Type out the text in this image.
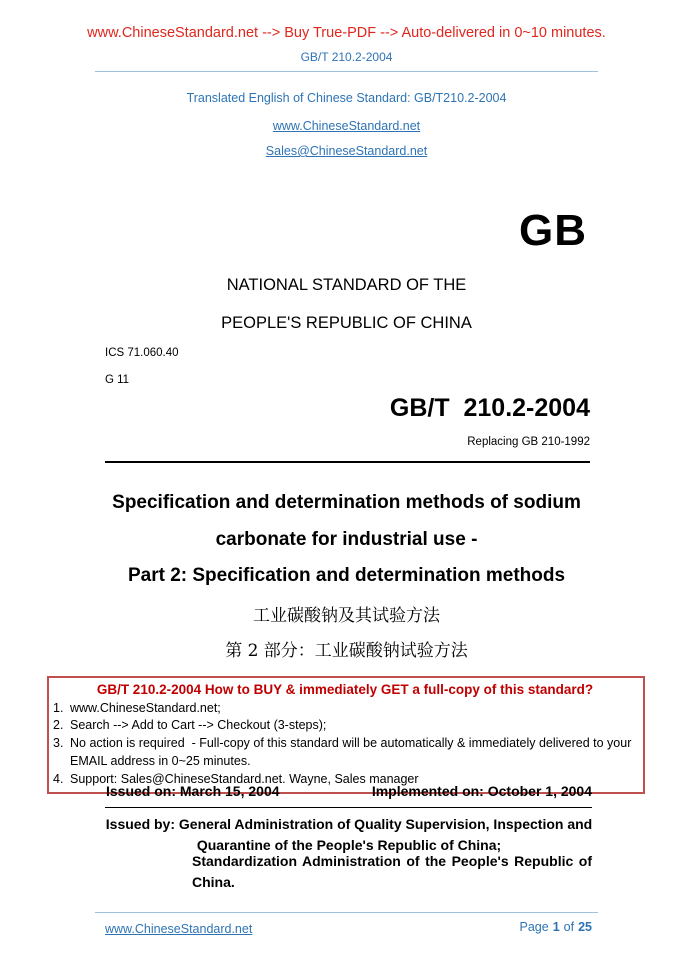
www.ChineseStandard.net --> Buy True-PDF --> Auto-delivered in 0~10 minutes.
GB/T 210.2-2004
Translated English of Chinese Standard: GB/T210.2-2004
www.ChineseStandard.net
Sales@ChineseStandard.net
GB
NATIONAL STANDARD OF THE
PEOPLE'S REPUBLIC OF CHINA
ICS 71.060.40
G 11
GB/T  210.2-2004
Replacing GB 210-1992
Specification and determination methods of sodium
carbonate for industrial use -
Part 2: Specification and determination methods
工业碳酸钠及其试验方法
第 2 部分：工业碳酸钠试验方法
GB/T 210.2-2004 How to BUY & immediately GET a full-copy of this standard?
1. www.ChineseStandard.net;
2. Search --> Add to Cart --> Checkout (3-steps);
3. No action is required  - Full-copy of this standard will be automatically & immediately delivered to your EMAIL address in 0~25 minutes.
4. Support: Sales@ChineseStandard.net. Wayne, Sales manager
Issued on: March 15, 2004	Implemented on: October 1, 2004
Issued by: General Administration of Quality Supervision, Inspection and Quarantine of the People's Republic of China;
Standardization Administration of the People's Republic of China.
www.ChineseStandard.net	Page 1 of 25
